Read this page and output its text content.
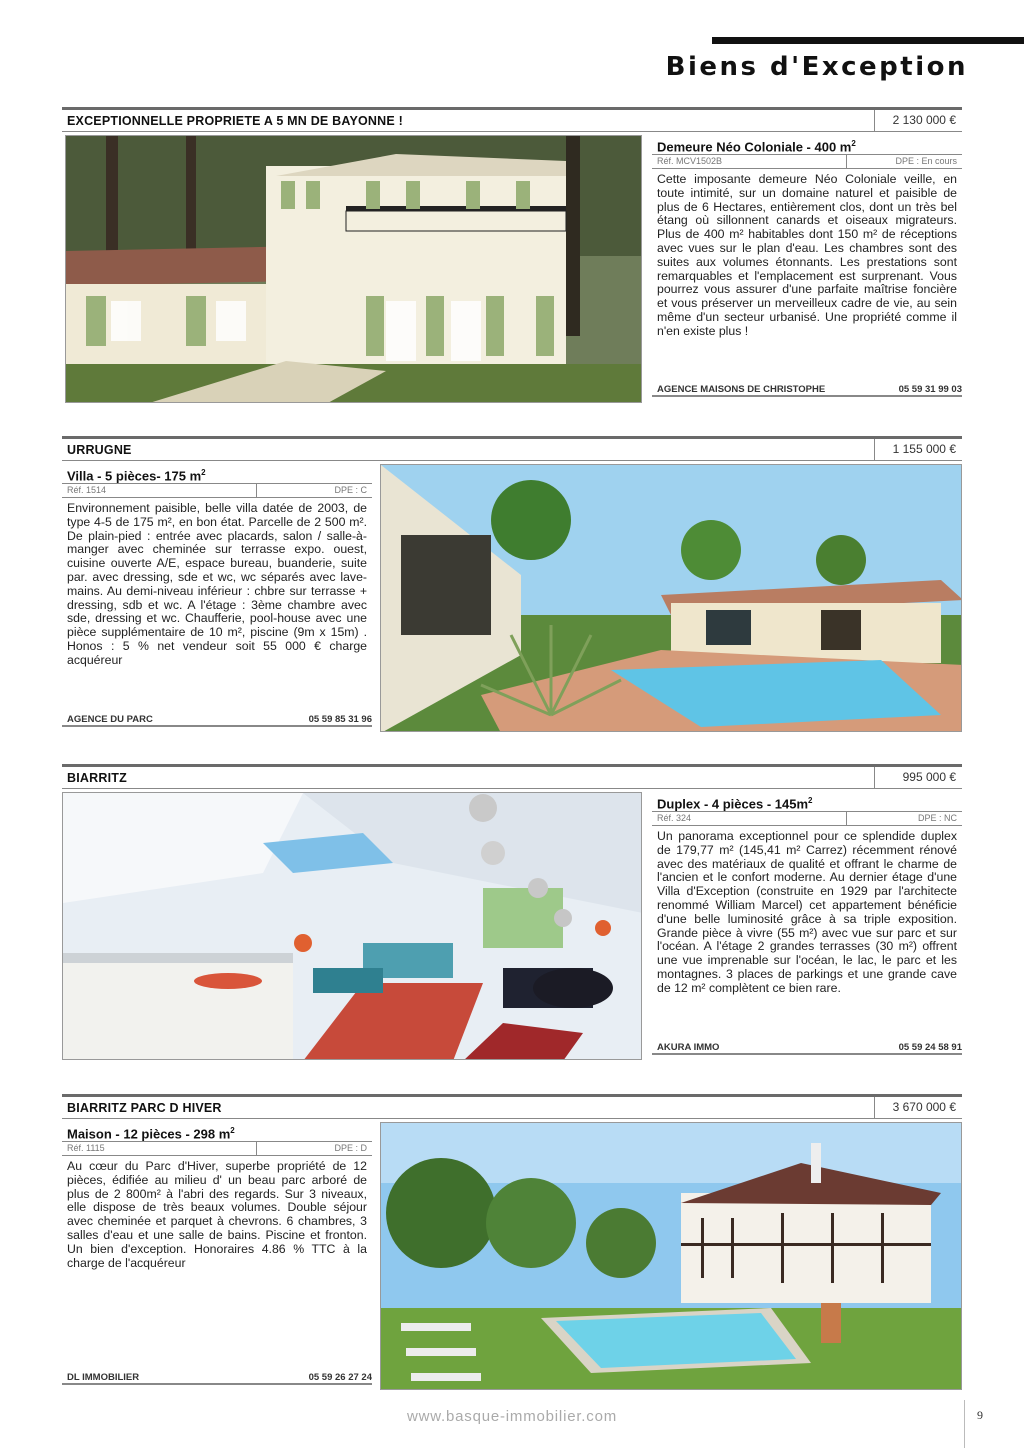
Biens d'Exception
EXCEPTIONNELLE PROPRIETE A 5 MN DE BAYONNE !	2 130 000 €
Demeure Néo Coloniale - 400 $m^2$
Réf. MCV1502B	DPE : En cours
Cette imposante demeure Néo Coloniale veille, en toute intimité, sur un domaine naturel et paisible de plus de 6 Hectares, entièrement clos, dont un très bel étang où sillonnent canards et oiseaux migrateurs. Plus de 400 m² habitables dont 150 m² de réceptions avec vues sur le plan d'eau. Les chambres sont des suites aux volumes étonnants. Les prestations sont remarquables et l'emplacement est surprenant. Vous pourrez vous assurer d'une parfaite maîtrise foncière et vous préserver un merveilleux cadre de vie, au sein même d'un secteur urbanisé. Une propriété comme il n'en existe plus !
AGENCE MAISONS DE CHRISTOPHE	05 59 31 99 03
URRUGNE	1 155 000 €
Villa - 5 pièces- 175 $m^2$
Réf. 1514	DPE : C
Environnement paisible, belle villa datée de 2003, de type 4-5 de 175 m², en bon état. Parcelle de 2 500 m². De plain-pied : entrée avec placards, salon / salle-à-manger avec cheminée sur terrasse expo. ouest, cuisine ouverte A/E, espace bureau, buanderie, suite par. avec dressing, sde et wc, wc séparés avec lave-mains. Au demi-niveau inférieur : chbre sur terrasse + dressing, sdb et wc. A l'étage : 3ème chambre avec sde, dressing et wc. Chaufferie, pool-house avec une pièce supplémentaire de 10 m², piscine (9m x 15m) . Honos : 5 % net vendeur soit 55 000 € charge acquéreur
AGENCE DU PARC	05 59 85 31 96
BIARRITZ	995 000 €
Duplex - 4 pièces - $145m^2$
Réf. 324	DPE : NC
Un panorama exceptionnel pour ce splendide duplex de 179,77 m² (145,41 m² Carrez) récemment rénové avec des matériaux de qualité et offrant le charme de l'ancien et le confort moderne. Au dernier étage d'une Villa d'Exception (construite en 1929 par l'architecte renommé William Marcel) cet appartement bénéficie d'une belle luminosité grâce à sa triple exposition. Grande pièce à vivre (55 m²) avec vue sur parc et sur l'océan. A l'étage 2 grandes terrasses (30 m²) offrent une vue imprenable sur l'océan, le lac, le parc et les montagnes. 3 places de parkings et une grande cave de 12 m² complètent ce bien rare.
AKURA IMMO	05 59 24 58 91
BIARRITZ PARC D HIVER	3 670 000 €
Maison - 12 pièces - 298 $m^2$
Réf. 1115	DPE : D
Au cœur du Parc d'Hiver, superbe propriété de 12 pièces, édifiée au milieu d' un beau parc arboré de plus de 2 800m² à l'abri des regards. Sur 3 niveaux, elle dispose de très beaux volumes. Double séjour avec cheminée et parquet à chevrons. 6 chambres, 3 salles d'eau et une salle de bains. Piscine et fronton. Un bien d'exception. Honoraires 4.86 % TTC à la charge de l'acquéreur
DL IMMOBILIER	05 59 26 27 24
www.basque-immobilier.com	9
